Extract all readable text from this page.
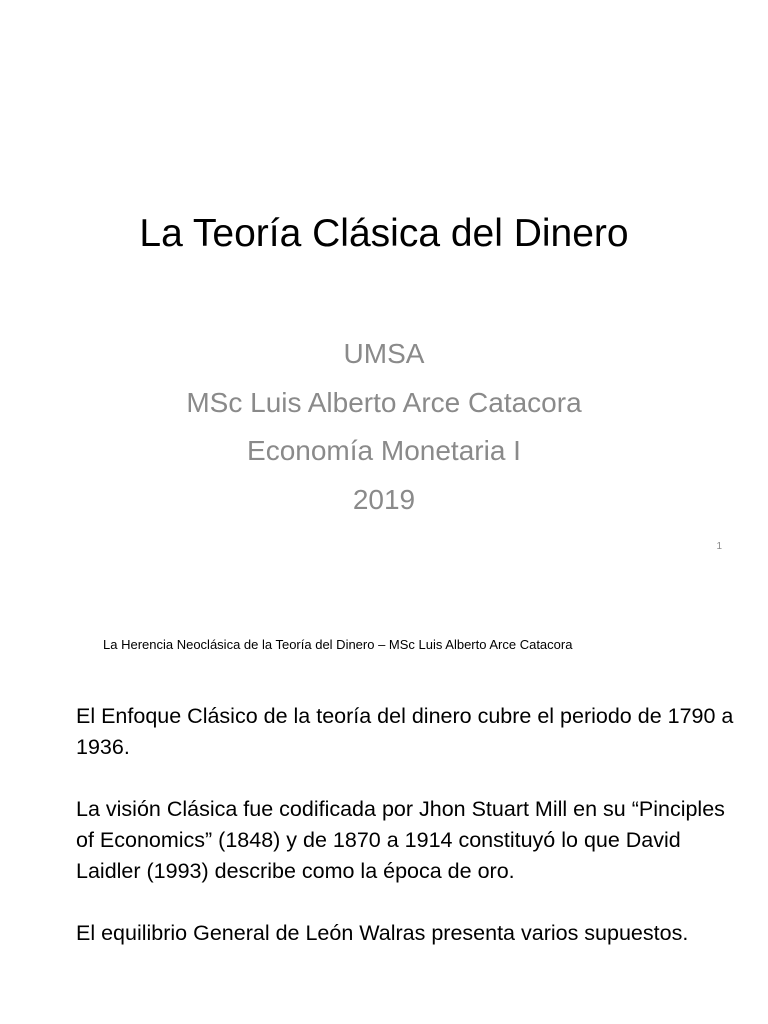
La Teoría Clásica del Dinero
UMSA
MSc Luis Alberto Arce Catacora
Economía Monetaria I
2019
1
La Herencia Neoclásica de la Teoría del Dinero – MSc Luis Alberto Arce Catacora

El Enfoque Clásico de la teoría del dinero cubre el periodo de 1790 a 1936.

La visión Clásica fue codificada por Jhon Stuart Mill en su “Pinciples of Economics” (1848) y de 1870 a 1914 constituyó lo que David Laidler (1993) describe como la época de oro.

El equilibrio General de León Walras presenta varios supuestos.
